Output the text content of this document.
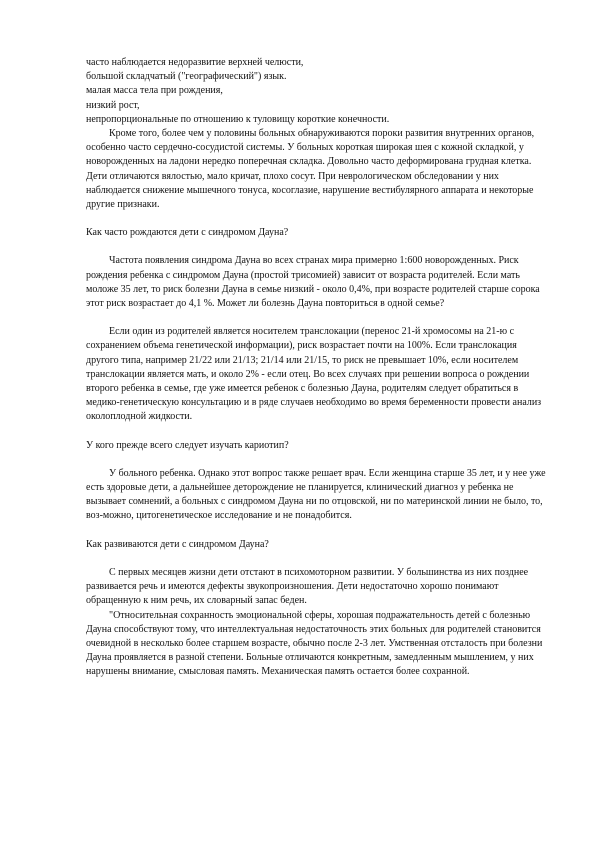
часто наблюдается недоразвитие верхней челюсти,

большой складчатый ("географический") язык.

малая масса тела при рождения,

низкий рост,

непропорциональные по отношению к туловищу короткие конечности.

Кроме того, более чем у половины больных обнаруживаются пороки развития внутренних органов, особенно часто сердечно-сосудистой системы. У больных короткая широкая шея с кожной складкой, у новорожденных на ладони нередко поперечная складка. Довольно часто деформирована грудная клетка. Дети отличаются вялостью, мало кричат, плохо сосут. При неврологическом обследовании у них наблюдается снижение мышечного тонуса, косоглазие, нарушение вестибулярного аппарата и некоторые другие признаки.

Как часто рождаются дети с синдромом Дауна?

Частота появления синдрома Дауна во всех странах мира примерно 1:600 новорожденных. Риск рождения ребенка с синдромом Дауна (простой трисомией) зависит от возраста родителей. Если мать моложе 35 лет, то риск болезни Дауна в семье низкий - около 0,4%, при возрасте родителей старше сорока этот риск возрастает до 4,1 %. Может ли болезнь Дауна повториться в одной семье?

Если один из родителей является носителем транслокации (перенос 21-й хромосомы на 21-ю с сохранением объема генетической информации), риск возрастает почти на 100%. Если транслокация другого типа, например 21/22 или 21/13; 21/14 или 21/15, то риск не превышает 10%, если носителем транслокации является мать, и около 2% - если отец. Во всех случаях при решении вопроса о рождении второго ребенка в семье, где уже имеется ребенок с болезнью Дауна, родителям следует обратиться в медико-генетическую консультацию и в ряде случаев необходимо во время беременности провести анализ околоплодной жидкости.

У кого прежде всего следует изучать кариотип?

У больного ребенка. Однако этот вопрос также решает врач. Если женщина старше 35 лет, и у нее уже есть здоровые дети, а дальнейшее деторождение не планируется, клинический диагноз у ребенка не вызывает сомнений, а больных с синдромом Дауна ни по отцовской, ни по материнской линии не было, то, воз-можно, цитогенетическое исследование и не понадобится.

Как развиваются дети с синдромом Дауна?

С первых месяцев жизни дети отстают в психомоторном развитии. У большинства из них позднее развивается речь и имеются дефекты звукопроизношения. Дети недостаточно хорошо понимают обращенную к ним речь, их словарный запас беден.

"Относительная сохранность эмоциональной сферы, хорошая подражательность детей с болезнью Дауна способствуют тому, что интеллектуальная недостаточность этих больных для родителей становится очевидной в несколько более старшем возрасте, обычно после 2-3 лет. Умственная отсталость при болезни Дауна проявляется в разной степени. Больные отличаются конкретным, замедленным мышлением, у них нарушены внимание, смысловая память. Механическая память остается более сохранной.
